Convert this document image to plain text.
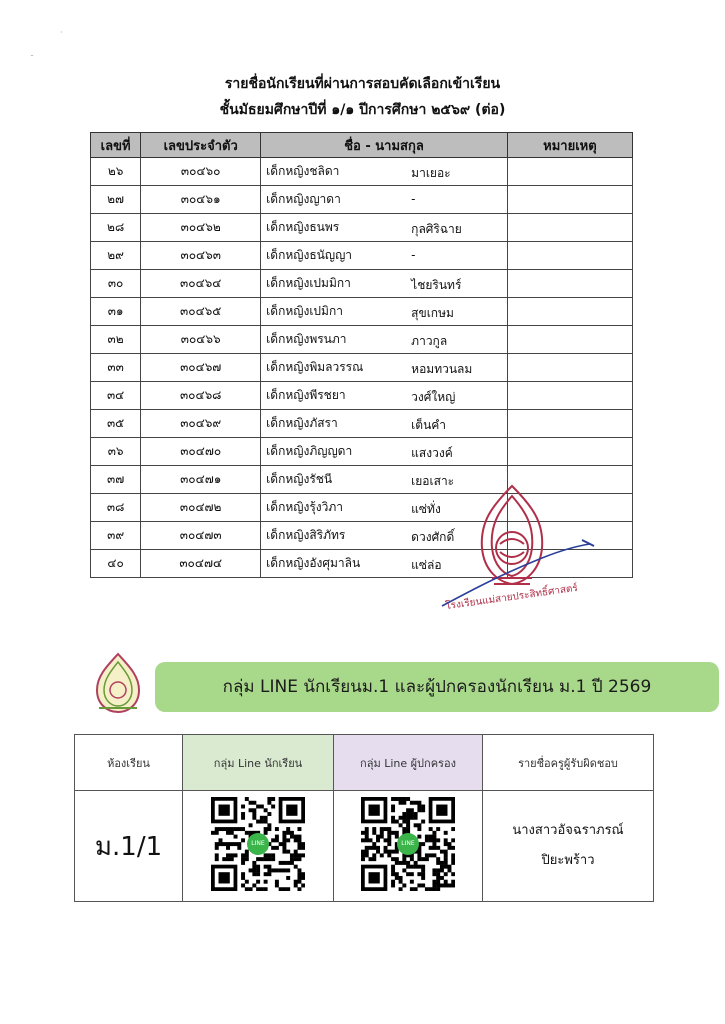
·
˘
รายชื่อนักเรียนที่ผ่านการสอบคัดเลือกเข้าเรียน
ชั้นมัธยมศึกษาปีที่ ๑/๑ ปีการศึกษา ๒๕๖๙ (ต่อ)
เลขที่	เลขประจำตัว	ชื่อ - นามสกุล	หมายเหตุ
๒๖	๓๐๔๖๐	เด็กหญิงชลิดา มาเยอะ	

๒๗	๓๐๔๖๑	เด็กหญิงญาดา -	

๒๘	๓๐๔๖๒	เด็กหญิงธนพร กุลศิริฉาย	

๒๙	๓๐๔๖๓	เด็กหญิงธนัญญา -	

๓๐	๓๐๔๖๔	เด็กหญิงเปมมิกา ไชยรินทร์	

๓๑	๓๐๔๖๕	เด็กหญิงเปมิกา สุขเกษม	

๓๒	๓๐๔๖๖	เด็กหญิงพรนภา ภาวกูล	

๓๓	๓๐๔๖๗	เด็กหญิงพิมลวรรณ หอมทวนลม	

๓๔	๓๐๔๖๘	เด็กหญิงพีรชยา วงศ์ใหญ่	

๓๕	๓๐๔๖๙	เด็กหญิงภัสรา เต็นคำ	

๓๖	๓๐๔๗๐	เด็กหญิงภิญญดา แสงวงค์	

๓๗	๓๐๔๗๑	เด็กหญิงรัชนี เยอเสาะ	

๓๘	๓๐๔๗๒	เด็กหญิงรุ้งวิภา แซ่ทั่ง	

๓๙	๓๐๔๗๓	เด็กหญิงสิริภัทร ดวงศักดิ์	

๔๐	๓๐๔๗๔	เด็กหญิงอังศุมาลิน แซ่ล่อ	

โรงเรียนแม่สายประสิทธิ์ศาสตร์
กลุ่ม LINE นักเรียนม.1 และผู้ปกครองนักเรียน ม.1 ปี 2569
ห้องเรียน	กลุ่ม Line นักเรียน	กลุ่ม Line ผู้ปกครอง	รายชื่อครูผู้รับผิดชอบ
ม.1/1	LINE	LINE	นางสาวอัจฉราภรณ์
ปิยะพร้าว
